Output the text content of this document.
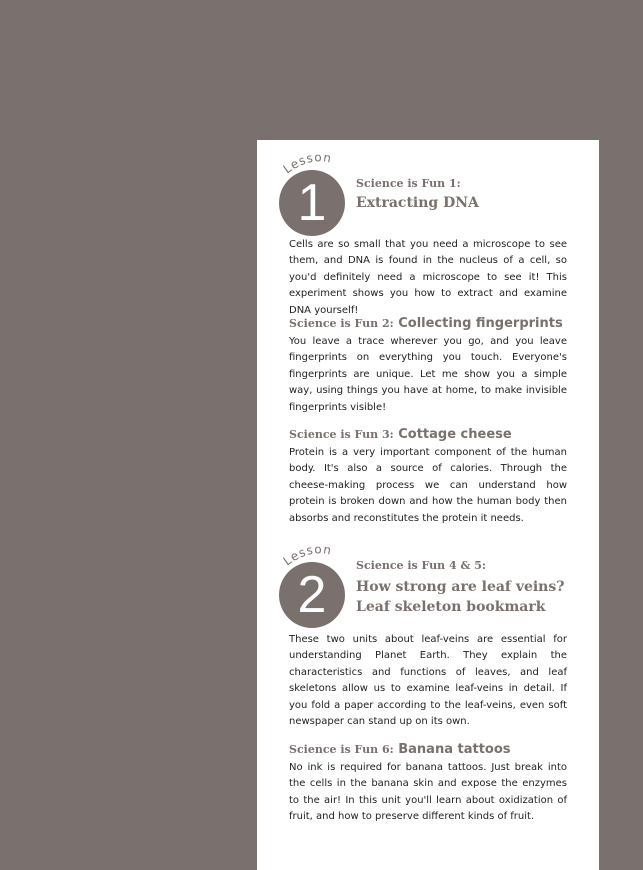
Lesson
1	Science is Fun 1:
Extracting DNA

Cells are so small that you need a microscope to see them, and DNA is found in the nucleus of a cell, so you'd definitely need a microscope to see it! This experiment shows you how to extract and examine DNA yourself!

Science is Fun 2: Collecting fingerprints

You leave a trace wherever you go, and you leave fingerprints on everything you touch. Everyone's fingerprints are unique. Let me show you a simple way, using things you have at home, to make invisible fingerprints visible!

Science is Fun 3: Cottage cheese

Protein is a very important component of the human body. It's also a source of calories. Through the cheese-making process we can understand how protein is broken down and how the human body then absorbs and reconstitutes the protein it needs.

Lesson
2
Science is Fun 4 & 5:
How strong are leaf veins?
Leaf skeleton bookmark

These two units about leaf-veins are essential for understanding Planet Earth. They explain the characteristics and functions of leaves, and leaf skeletons allow us to examine leaf-veins in detail. If you fold a paper according to the leaf-veins, even soft newspaper can stand up on its own.

Science is Fun 6: Banana tattoos

No ink is required for banana tattoos. Just break into the cells in the banana skin and expose the enzymes to the air! In this unit you'll learn about oxidization of fruit, and how to preserve different kinds of fruit.
